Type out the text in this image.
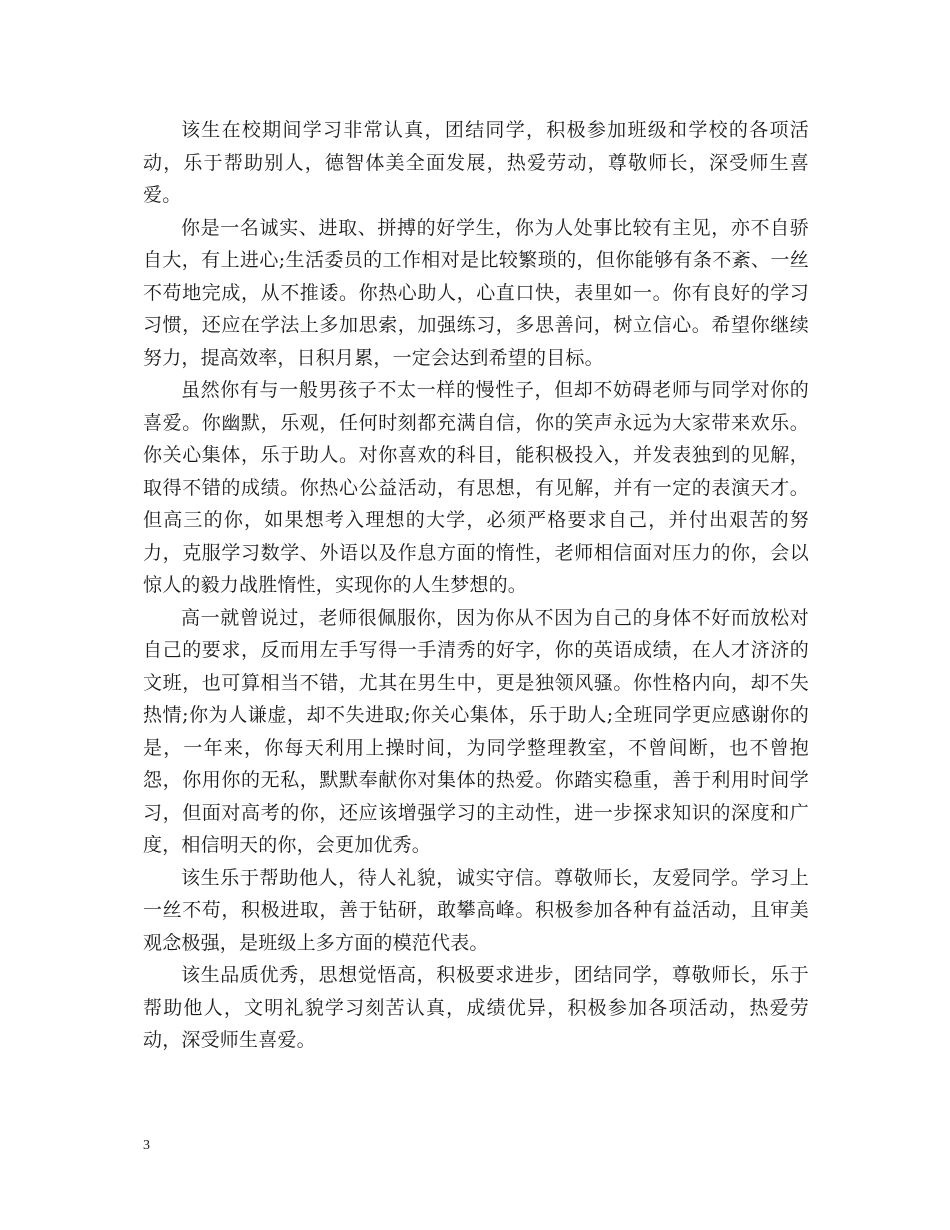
该生在校期间学习非常认真，团结同学，积极参加班级和学校的各项活动，乐于帮助别人，德智体美全面发展，热爱劳动，尊敬师长，深受师生喜爱。

你是一名诚实、进取、拼搏的好学生，你为人处事比较有主见，亦不自骄自大，有上进心;生活委员的工作相对是比较繁琐的，但你能够有条不紊、一丝不苟地完成，从不推诿。你热心助人，心直口快，表里如一。你有良好的学习习惯，还应在学法上多加思索，加强练习，多思善问，树立信心。希望你继续努力，提高效率，日积月累，一定会达到希望的目标。

虽然你有与一般男孩子不太一样的慢性子，但却不妨碍老师与同学对你的喜爱。你幽默，乐观，任何时刻都充满自信，你的笑声永远为大家带来欢乐。你关心集体，乐于助人。对你喜欢的科目，能积极投入，并发表独到的见解，取得不错的成绩。你热心公益活动，有思想，有见解，并有一定的表演天才。但高三的你，如果想考入理想的大学，必须严格要求自己，并付出艰苦的努力，克服学习数学、外语以及作息方面的惰性，老师相信面对压力的你，会以惊人的毅力战胜惰性，实现你的人生梦想的。

高一就曾说过，老师很佩服你，因为你从不因为自己的身体不好而放松对自己的要求，反而用左手写得一手清秀的好字，你的英语成绩，在人才济济的文班，也可算相当不错，尤其在男生中，更是独领风骚。你性格内向，却不失热情;你为人谦虚，却不失进取;你关心集体，乐于助人;全班同学更应感谢你的是，一年来，你每天利用上操时间，为同学整理教室，不曾间断，也不曾抱怨，你用你的无私，默默奉献你对集体的热爱。你踏实稳重，善于利用时间学习，但面对高考的你，还应该增强学习的主动性，进一步探求知识的深度和广度，相信明天的你，会更加优秀。

该生乐于帮助他人，待人礼貌，诚实守信。尊敬师长，友爱同学。学习上一丝不苟，积极进取，善于钻研，敢攀高峰。积极参加各种有益活动，且审美观念极强，是班级上多方面的模范代表。

该生品质优秀，思想觉悟高，积极要求进步，团结同学，尊敬师长，乐于帮助他人，文明礼貌学习刻苦认真，成绩优异，积极参加各项活动，热爱劳动，深受师生喜爱。

3
